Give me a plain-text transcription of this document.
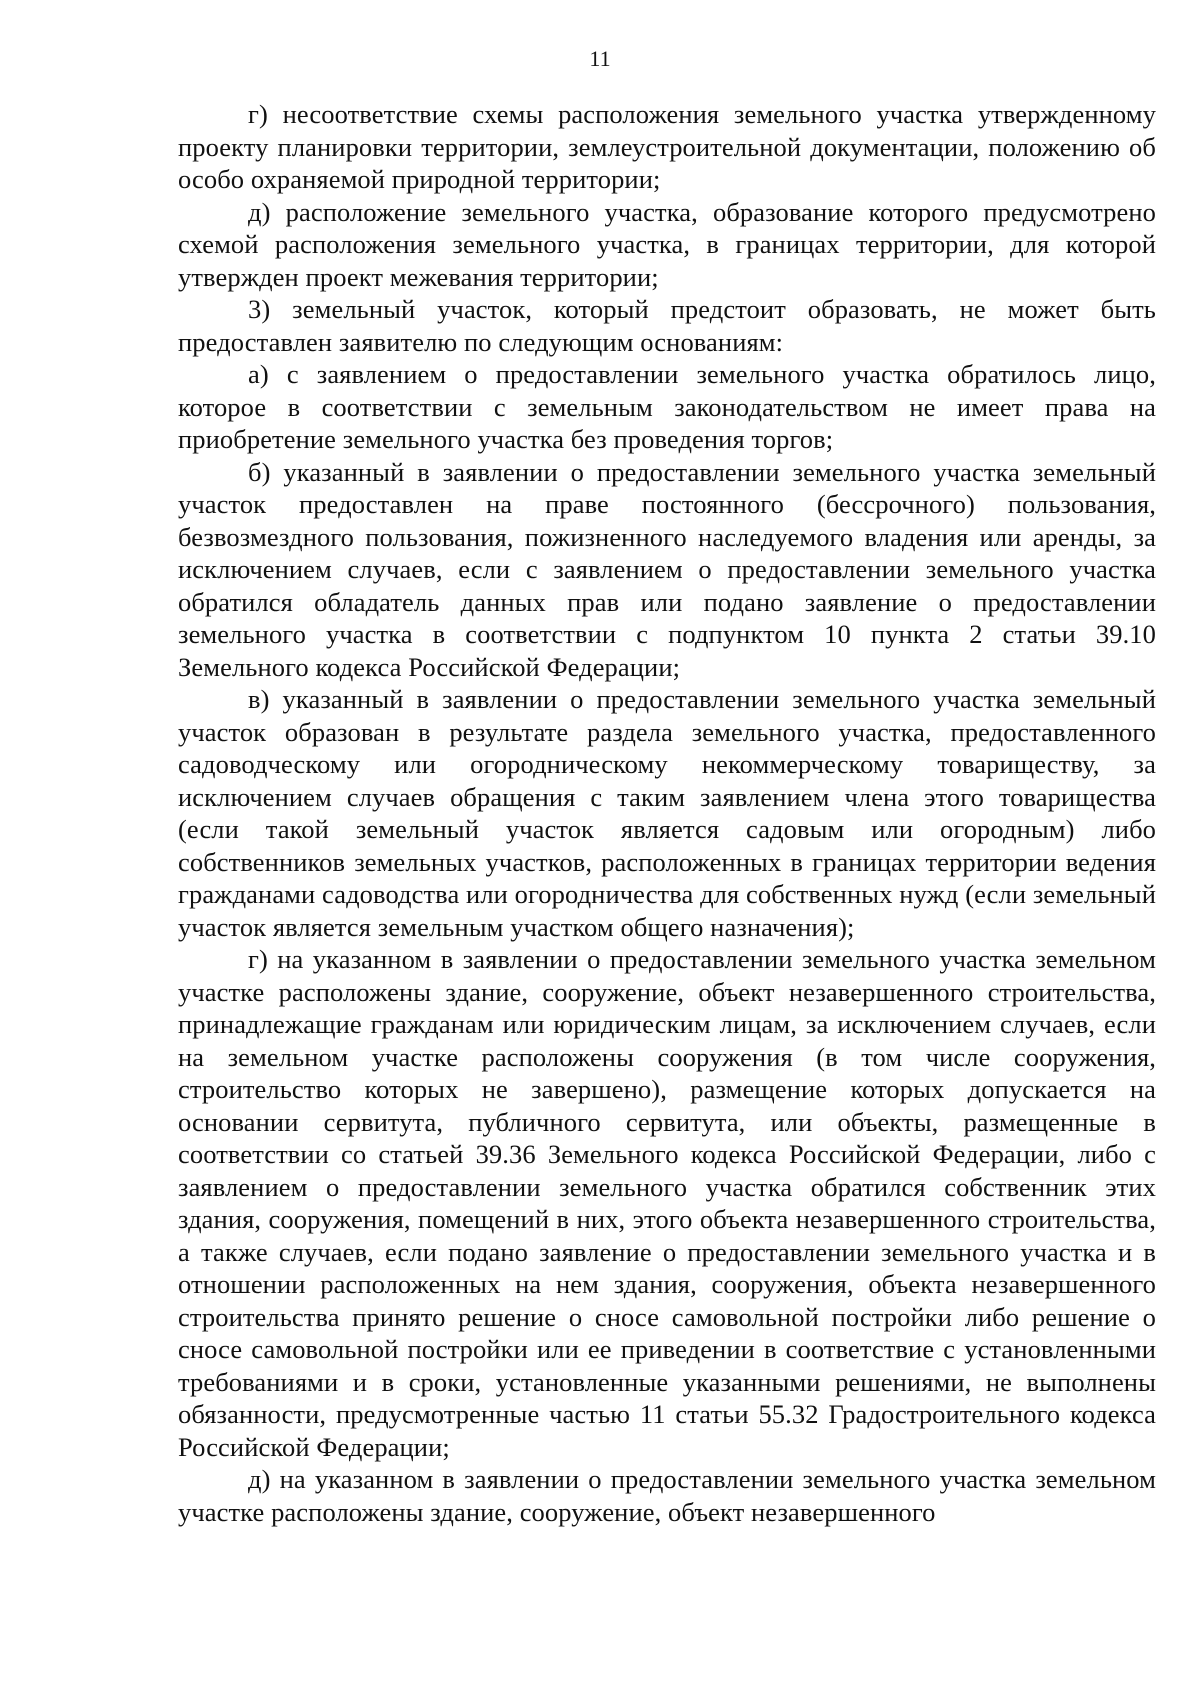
11

г) несоответствие схемы расположения земельного участка утвержденному проекту планировки территории, землеустроительной документации, положению об особо охраняемой природной территории;

д) расположение земельного участка, образование которого предусмотрено схемой расположения земельного участка, в границах территории, для которой утвержден проект межевания территории;

3) земельный участок, который предстоит образовать, не может быть предоставлен заявителю по следующим основаниям:

а) с заявлением о предоставлении земельного участка обратилось лицо, которое в соответствии с земельным законодательством не имеет права на приобретение земельного участка без проведения торгов;

б) указанный в заявлении о предоставлении земельного участка земельный участок предоставлен на праве постоянного (бессрочного) пользования, безвозмездного пользования, пожизненного наследуемого владения или аренды, за исключением случаев, если с заявлением о предоставлении земельного участка обратился обладатель данных прав или подано заявление о предоставлении земельного участка в соответствии с подпунктом 10 пункта 2 статьи 39.10 Земельного кодекса Российской Федерации;

в) указанный в заявлении о предоставлении земельного участка земельный участок образован в результате раздела земельного участка, предоставленного садоводческому или огородническому некоммерческому товариществу, за исключением случаев обращения с таким заявлением члена этого товарищества (если такой земельный участок является садовым или огородным) либо собственников земельных участков, расположенных в границах территории ведения гражданами садоводства или огородничества для собственных нужд (если земельный участок является земельным участком общего назначения);

г) на указанном в заявлении о предоставлении земельного участка земельном участке расположены здание, сооружение, объект незавершенного строительства, принадлежащие гражданам или юридическим лицам, за исключением случаев, если на земельном участке расположены сооружения (в том числе сооружения, строительство которых не завершено), размещение которых допускается на основании сервитута, публичного сервитута, или объекты, размещенные в соответствии со статьей 39.36 Земельного кодекса Российской Федерации, либо с заявлением о предоставлении земельного участка обратился собственник этих здания, сооружения, помещений в них, этого объекта незавершенного строительства, а также случаев, если подано заявление о предоставлении земельного участка и в отношении расположенных на нем здания, сооружения, объекта незавершенного строительства принято решение о сносе самовольной постройки либо решение о сносе самовольной постройки или ее приведении в соответствие с установленными требованиями и в сроки, установленные указанными решениями, не выполнены обязанности, предусмотренные частью 11 статьи 55.32 Градостроительного кодекса Российской Федерации;

д) на указанном в заявлении о предоставлении земельного участка земельном участке расположены здание, сооружение, объект незавершенного
